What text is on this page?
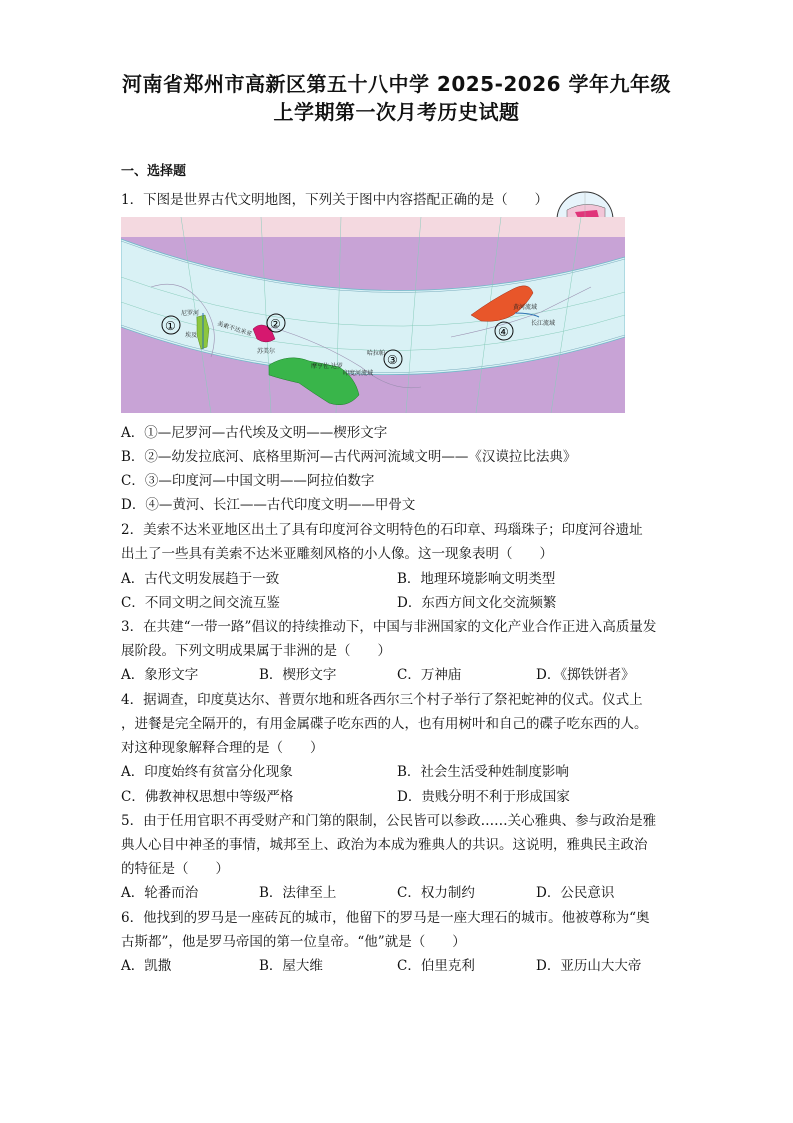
河南省郑州市高新区第五十八中学 2025-2026 学年九年级
上学期第一次月考历史试题
一、选择题
1．下图是世界古代文明地图，下列关于图中内容搭配正确的是（　　）
①	②
③
④
尼罗河
埃及	美索不达米亚
苏美尔
摩亨佐·达罗
哈拉帕
印度河流域
黄河流域
长江流域
A．①—尼罗河—古代埃及文明——楔形文字
B．②—幼发拉底河、底格里斯河—古代两河流域文明——《汉谟拉比法典》
C．③—印度河—中国文明——阿拉伯数字
D．④—黄河、长江——古代印度文明——甲骨文
2．美索不达米亚地区出土了具有印度河谷文明特色的石印章、玛瑙珠子；印度河谷遗址
出土了一些具有美索不达米亚雕刻风格的小人像。这一现象表明（　　）
A．古代文明发展趋于一致	B．地理环境影响文明类型
C．不同文明之间交流互鉴	D．东西方间文化交流频繁
3．在共建“一带一路”倡议的持续推动下，中国与非洲国家的文化产业合作正进入高质量发
展阶段。下列文明成果属于非洲的是（　　）
A．象形文字	B．楔形文字	C．万神庙	D．《掷铁饼者》
4．据调查，印度莫达尔、普贾尔地和班各西尔三个村子举行了祭祀蛇神的仪式。仪式上
，进餐是完全隔开的，有用金属碟子吃东西的人，也有用树叶和自己的碟子吃东西的人。
对这种现象解释合理的是（　　）
A．印度始终有贫富分化现象	B．社会生活受种姓制度影响
C．佛教神权思想中等级严格	D．贵贱分明不利于形成国家
5．由于任用官职不再受财产和门第的限制，公民皆可以参政……关心雅典、参与政治是雅
典人心目中神圣的事情，城邦至上、政治为本成为雅典人的共识。这说明，雅典民主政治
的特征是（　　）
A．轮番而治	B．法律至上	C．权力制约	D．公民意识
6．他找到的罗马是一座砖瓦的城市，他留下的罗马是一座大理石的城市。他被尊称为“奥
古斯都”，他是罗马帝国的第一位皇帝。“他”就是（　　）
A．凯撒	B．屋大维	C．伯里克利	D．亚历山大大帝
